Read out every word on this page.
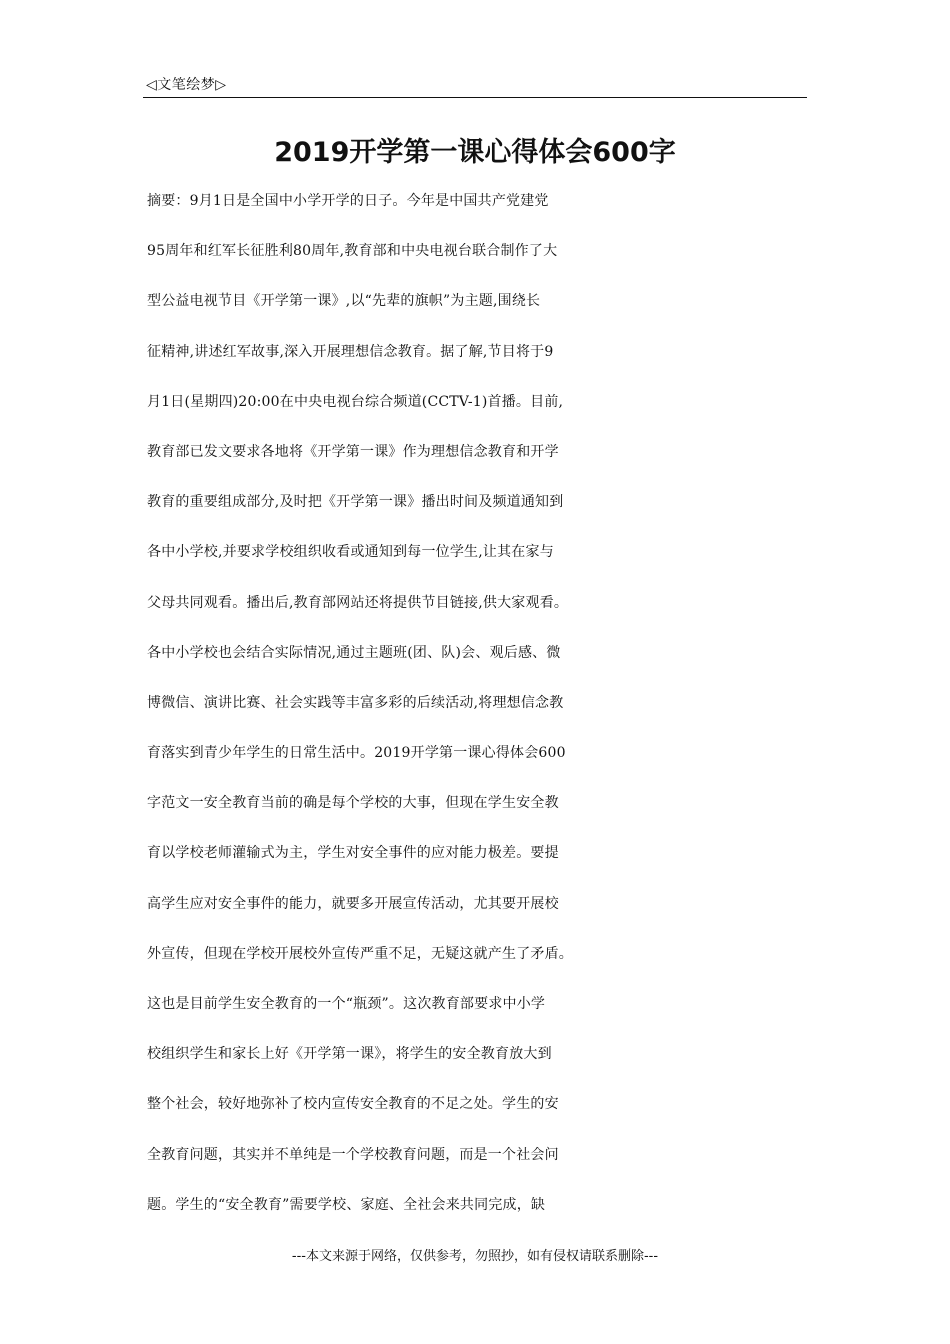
◁文笔绘梦▷
2019开学第一课心得体会600字
摘要：9月1日是全国中小学开学的日子。今年是中国共产党建党
95周年和红军长征胜利80周年,教育部和中央电视台联合制作了大
型公益电视节目《开学第一课》,以“先辈的旗帜”为主题,围绕长
征精神,讲述红军故事,深入开展理想信念教育。据了解,节目将于9
月1日(星期四)20:00在中央电视台综合频道(CCTV-1)首播。目前,
教育部已发文要求各地将《开学第一课》作为理想信念教育和开学
教育的重要组成部分,及时把《开学第一课》播出时间及频道通知到
各中小学校,并要求学校组织收看或通知到每一位学生,让其在家与
父母共同观看。播出后,教育部网站还将提供节目链接,供大家观看。
各中小学校也会结合实际情况,通过主题班(团、队)会、观后感、微
博微信、演讲比赛、社会实践等丰富多彩的后续活动,将理想信念教
育落实到青少年学生的日常生活中。2019开学第一课心得体会600
字范文一安全教育当前的确是每个学校的大事，但现在学生安全教
育以学校老师灌输式为主，学生对安全事件的应对能力极差。要提
高学生应对安全事件的能力，就要多开展宣传活动，尤其要开展校
外宣传，但现在学校开展校外宣传严重不足，无疑这就产生了矛盾。
这也是目前学生安全教育的一个“瓶颈”。这次教育部要求中小学
校组织学生和家长上好《开学第一课》，将学生的安全教育放大到
整个社会，较好地弥补了校内宣传安全教育的不足之处。学生的安
全教育问题，其实并不单纯是一个学校教育问题，而是一个社会问
题。学生的“安全教育”需要学校、家庭、全社会来共同完成，缺
---本文来源于网络，仅供参考，勿照抄，如有侵权请联系删除---
